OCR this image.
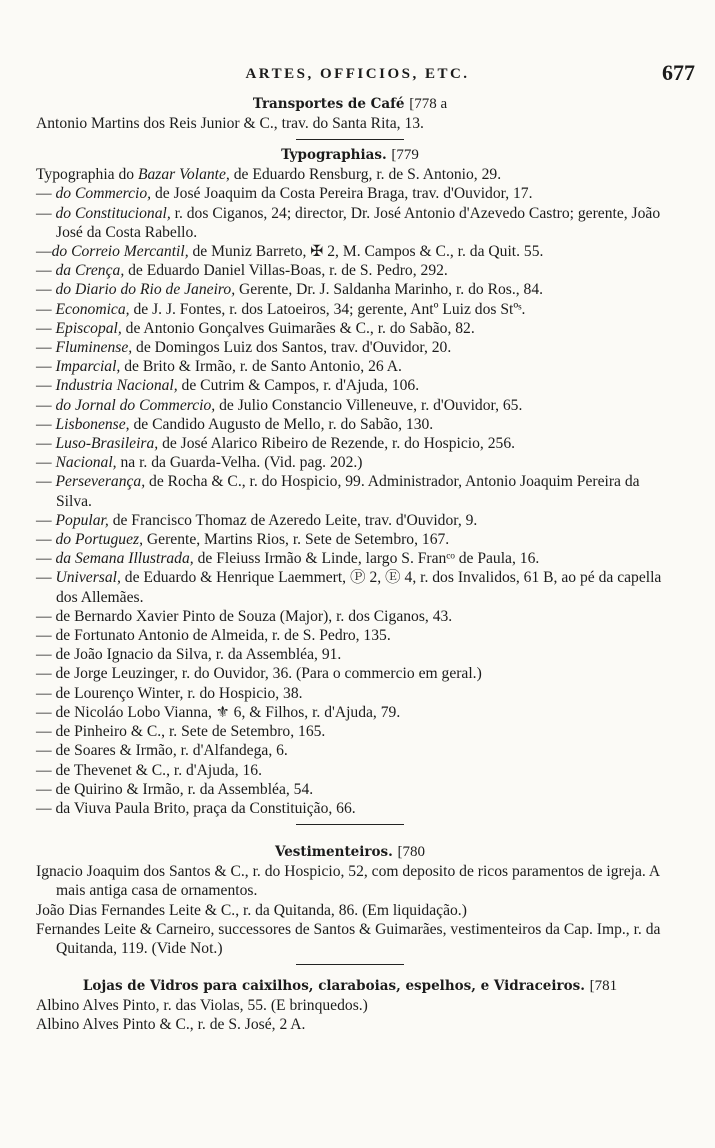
ARTES, OFFICIOS, ETC.	677
Transportes de Café [778 a

Antonio Martins dos Reis Junior & C., trav. do Santa Rita, 13.

Typographias. [779

Typographia do Bazar Volante, de Eduardo Rensburg, r. de S. Antonio, 29.

— do Commercio, de José Joaquim da Costa Pereira Braga, trav. d'Ouvidor, 17.

— do Constitucional, r. dos Ciganos, 24; director, Dr. José Antonio d'Azevedo Castro; gerente, João José da Costa Rabello.

—do Correio Mercantil, de Muniz Barreto, ✠ 2, M. Campos & C., r. da Quit. 55.

— da Crença, de Eduardo Daniel Villas-Boas, r. de S. Pedro, 292.

— do Diario do Rio de Janeiro, Gerente, Dr. J. Saldanha Marinho, r. do Ros., 84.

— Economica, de J. J. Fontes, r. dos Latoeiros, 34; gerente, Antº Luiz dos Stºˢ.

— Episcopal, de Antonio Gonçalves Guimarães & C., r. do Sabão, 82.

— Fluminense, de Domingos Luiz dos Santos, trav. d'Ouvidor, 20.

— Imparcial, de Brito & Irmão, r. de Santo Antonio, 26 A.

— Industria Nacional, de Cutrim & Campos, r. d'Ajuda, 106.

— do Jornal do Commercio, de Julio Constancio Villeneuve, r. d'Ouvidor, 65.

— Lisbonense, de Candido Augusto de Mello, r. do Sabão, 130.

— Luso-Brasileira, de José Alarico Ribeiro de Rezende, r. do Hospicio, 256.

— Nacional, na r. da Guarda-Velha. (Vid. pag. 202.)

— Perseverança, de Rocha & C., r. do Hospicio, 99. Administrador, Antonio Joaquim Pereira da Silva.

— Popular, de Francisco Thomaz de Azeredo Leite, trav. d'Ouvidor, 9.

— do Portuguez, Gerente, Martins Rios, r. Sete de Setembro, 167.

— da Semana Illustrada, de Fleiuss Irmão & Linde, largo S. Franᶜᵒ de Paula, 16.

— Universal, de Eduardo & Henrique Laemmert, Ⓟ 2, Ⓔ 4, r. dos Invalidos, 61 B, ao pé da capella dos Allemães.

— de Bernardo Xavier Pinto de Souza (Major), r. dos Ciganos, 43.

— de Fortunato Antonio de Almeida, r. de S. Pedro, 135.

— de João Ignacio da Silva, r. da Assembléa, 91.

— de Jorge Leuzinger, r. do Ouvidor, 36. (Para o commercio em geral.)

— de Lourenço Winter, r. do Hospicio, 38.

— de Nicoláo Lobo Vianna, ⚜ 6, & Filhos, r. d'Ajuda, 79.

— de Pinheiro & C., r. Sete de Setembro, 165.

— de Soares & Irmão, r. d'Alfandega, 6.

— de Thevenet & C., r. d'Ajuda, 16.

— de Quirino & Irmão, r. da Assembléa, 54.

— da Viuva Paula Brito, praça da Constituição, 66.

Vestimenteiros. [780

Ignacio Joaquim dos Santos & C., r. do Hospicio, 52, com deposito de ricos paramentos de igreja. A mais antiga casa de ornamentos.

João Dias Fernandes Leite & C., r. da Quitanda, 86. (Em liquidação.)

Fernandes Leite & Carneiro, successores de Santos & Guimarães, vestimenteiros da Cap. Imp., r. da Quitanda, 119. (Vide Not.)

Lojas de Vidros para caixilhos, claraboias, espelhos, e Vidraceiros. [781

Albino Alves Pinto, r. das Violas, 55. (E brinquedos.)

Albino Alves Pinto & C., r. de S. José, 2 A.
